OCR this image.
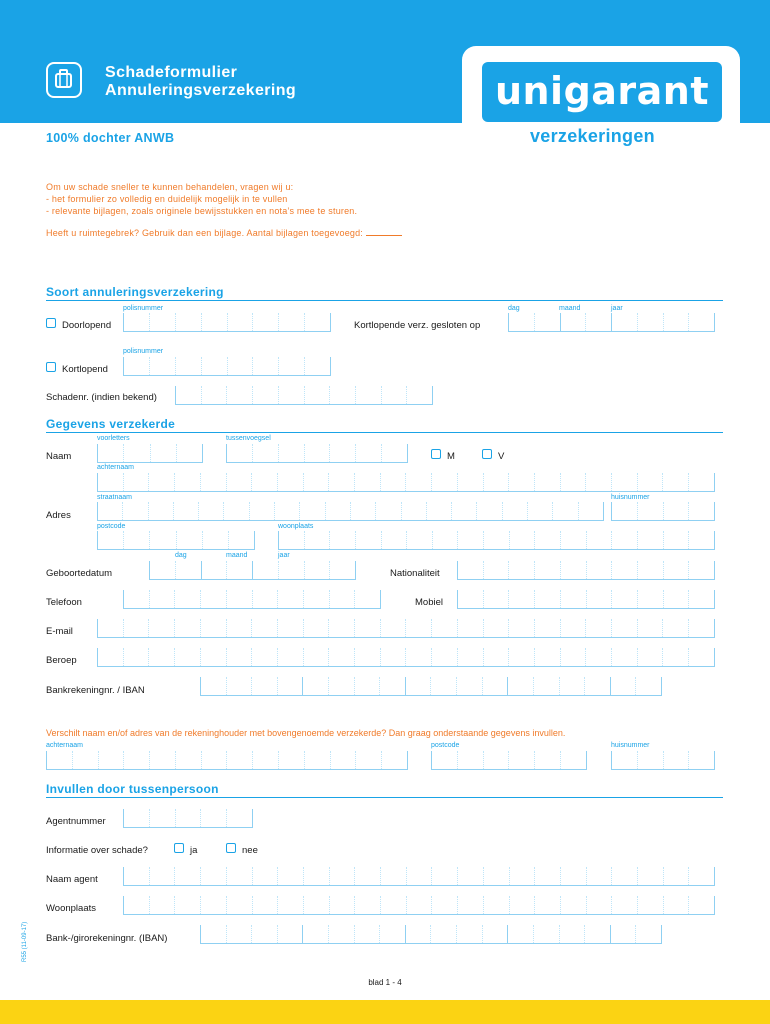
Schadeformulier
Annuleringsverzekering	unigarant
verzekeringen
100% dochter ANWB
Om uw schade sneller te kunnen behandelen, vragen wij u:
- het formulier zo volledig en duidelijk mogelijk in te vullen
- relevante bijlagen, zoals originele bewijsstukken en nota’s mee te sturen.
Heeft u ruimtegebrek? Gebruik dan een bijlage. Aantal bijlagen toegevoegd:
Soort annuleringsverzekering
polisnummer	dag	maand	jaar
Doorlopend	Kortlopende verz. gesloten op
polisnummer
Kortlopend
Schadenr. (indien bekend)
Gegevens verzekerde
voorletters	tussenvoegsel
Naam	M	V
achternaam
straatnaam	huisnummer
Adres
postcode	woonplaats
dag	maand	jaar
Geboortedatum	Nationaliteit
Telefoon	Mobiel
E-mail
Beroep
Bankrekeningnr. / IBAN
Verschilt naam en/of adres van de rekeninghouder met bovengenoemde verzekerde? Dan graag onderstaande gegevens invullen.
achternaam	postcode	huisnummer
Invullen door tussenpersoon
Agentnummer
Informatie over schade?	ja	nee
Naam agent
Woonplaats
Bank-/girorekeningnr. (IBAN)
R55 (11-09-17)
blad 1 - 4
